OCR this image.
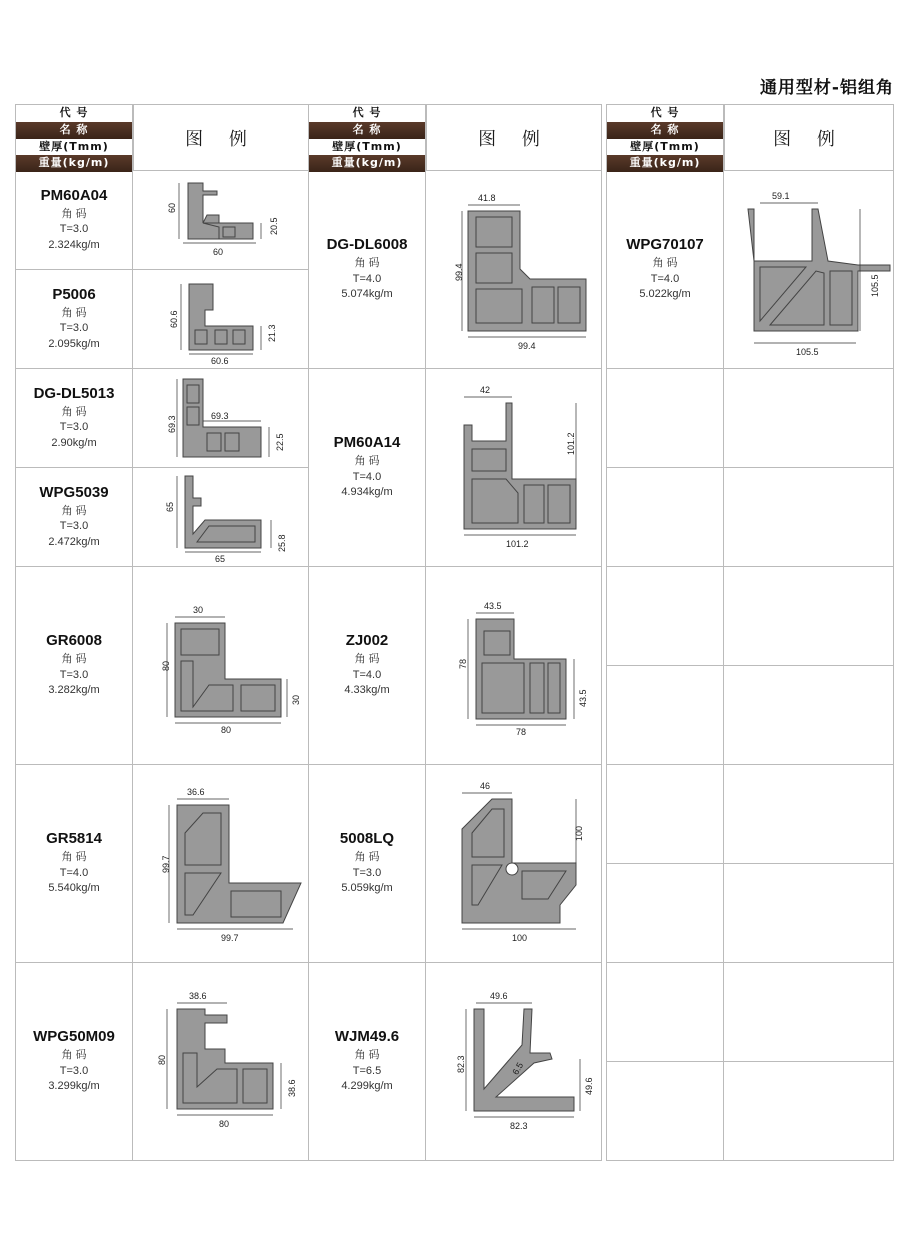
通用型材-铝组角
代 号
名 称
壁厚(Tmm)
重量(kg/m)
图 例
PM60A04
角 码
T=3.0
2.324kg/m
60
60
20.5
P5006
角 码
T=3.0
2.095kg/m
60.6
60.6
21.3
DG-DL5013
角 码
T=3.0
2.90kg/m
69.3	69.3
22.5
WPG5039
角 码
T=3.0
2.472kg/m
65
65
25.8
GR6008
角 码
T=3.0
3.282kg/m
30
80
80
30
GR5814
角 码
T=4.0
5.540kg/m
36.6
99.7
99.7
WPG50M09
角 码
T=3.0
3.299kg/m
38.6
80
80
38.6
代 号
名 称
壁厚(Tmm)
重量(kg/m)
图 例
DG-DL6008
角 码
T=4.0
5.074kg/m
41.8
99.4
99.4
PM60A14
角 码
T=4.0
4.934kg/m
42
101.2
101.2
ZJ002
角 码
T=4.0
4.33kg/m
43.5
78
78
43.5
5008LQ
角 码
T=3.0
5.059kg/m
46
100
100
WJM49.6
角 码
T=6.5
4.299kg/m
49.6
82.3	6.5
49.6
82.3
代 号
名 称
壁厚(Tmm)
重量(kg/m)
图 例
WPG70107
角 码
T=4.0
5.022kg/m
59.1
105.5
105.5
